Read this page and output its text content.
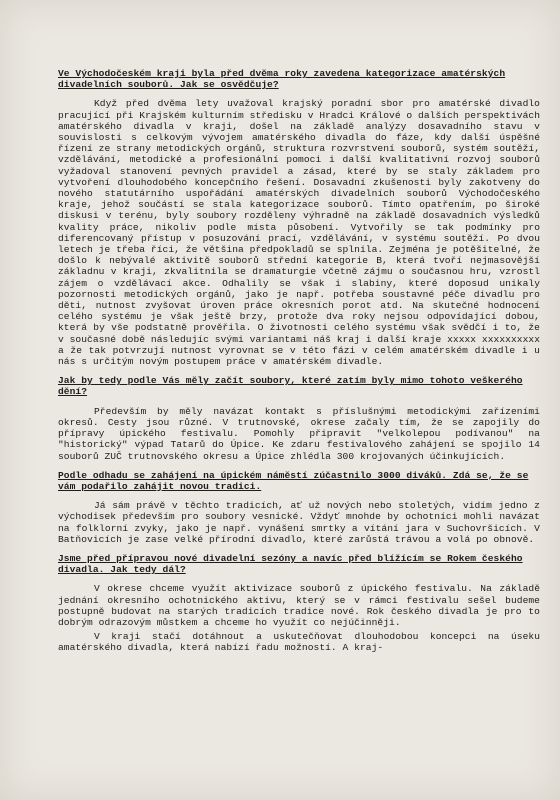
Ve Východočeském kraji byla před dvěma roky zavedena kategorizace amatérských divadelních souborů. Jak se osvědčuje?
Když před dvěma lety uvažoval krajský poradní sbor pro amatérské divadlo pracující při Krajském kulturním středisku v Hradci Králové o dalších perspektivách amatérského divadla v kraji, došel na základě analýzy dosavadního stavu v souvislosti s celkovým vývojem amatérského divadla do fáze, kdy další úspěšné řízení ze strany metodických orgánů, struktura rozvrstvení souborů, systém soutěží, vzdělávání, metodické a profesionální pomoci i další kvalitativní rozvoj souborů vyžadoval stanovení pevných pravidel a zásad, které by se staly základem pro vytvoření dlouhodobého koncepčního řešení. Dosavadní zkušenosti byly zakotveny do nového statutárního uspořádání amatérských divadelních souborů Východočeského kraje, jehož součástí se stala kategorizace souborů. Tímto opatřením, po široké diskusi v terénu, byly soubory rozděleny výhradně na základě dosavadních výsledků kvality práce, nikoliv podle místa působení. Vytvořily se tak podmínky pro diferencovaný přístup v posuzování prací, vzdělávání, v systému soutěží. Po dvou letech je třeba říci, že většina předpokladů se splnila. Zejména je potěšitelné, že došlo k nebývalé aktivitě souborů střední kategorie B, která tvoří nejmasovější základnu v kraji, zkvalitnila se dramaturgie včetně zájmu o současnou hru, vzrostl zájem o vzdělávací akce. Odhalily se však i slabiny, které doposud unikaly pozornosti metodických orgánů, jako je např. potřeba soustavné péče divadlu pro děti, nutnost zvyšovat úroven práce okresních porot atd. Na skutečné hodnocení celého systému je však ještě brzy, protože dva roky nejsou odpovídající dobou, která by vše podstatně prověřila. O životnosti celého systému však svědčí i to, že v současné době následujíc svými variantami náš kraj i další kraje xxxxx xxxxxxxxxx a že tak potvrzují nutnost vyrovnat se v této fázi v celém amatérském divadle i u nás s určitým novým postupem práce v amatérském divadle.
Jak by tedy podle Vás měly začít soubory, které zatím byly mimo tohoto veškerého dění?
Především by měly navázat kontakt s příslušnými metodickými zařízeními okresů. Cesty jsou různé. V trutnovské, okrese začaly tím, že se zapojily do přípravy úpického festivalu. Pomohly připravit "velkolepou podívanou" na "historický" výpad Tatarů do Úpice. Ke zdaru festivalového zahájení se spojilo 14 souborů ZUČ trutnovského okresu a Úpice zhlédla 300 krojovaných účinkujících.
Podle odhadu se zahájení na úpickém náměstí zúčastnilo 3000 diváků. Zdá se, že se vám podařilo zahájit novou tradici.
Já sám právě v těchto tradicích, ať už nových nebo stoletých, vidím jedno z východisek především pro soubory vesnické. Vždyť mnohde by ochotníci mohli navázat na folklorní zvyky, jako je např. vynášení smrtky a vítání jara v Suchovršicích. V Batňovicích je zase velké přírodní divadlo, které zarůstá trávou a volá po obnově.
Jsme před přípravou nové divadelní sezóny a navíc před blížícím se Rokem českého divadla. Jak tedy dál?
V okrese chceme využít aktivizace souborů z úpického festivalu. Na základě jednání okresního ochotnického aktivu, který se v rámci festivalu sešel budeme postupně budovat na starých tradicích tradice nové. Rok českého divadla je pro to dobrým odrazovým můstkem a chceme ho využít co nejúčinněji.
V kraji stačí dotáhnout a uskutečňovat dlouhodobou koncepci na úseku amatérského divadla, která nabízí řadu možností. A kraj-
